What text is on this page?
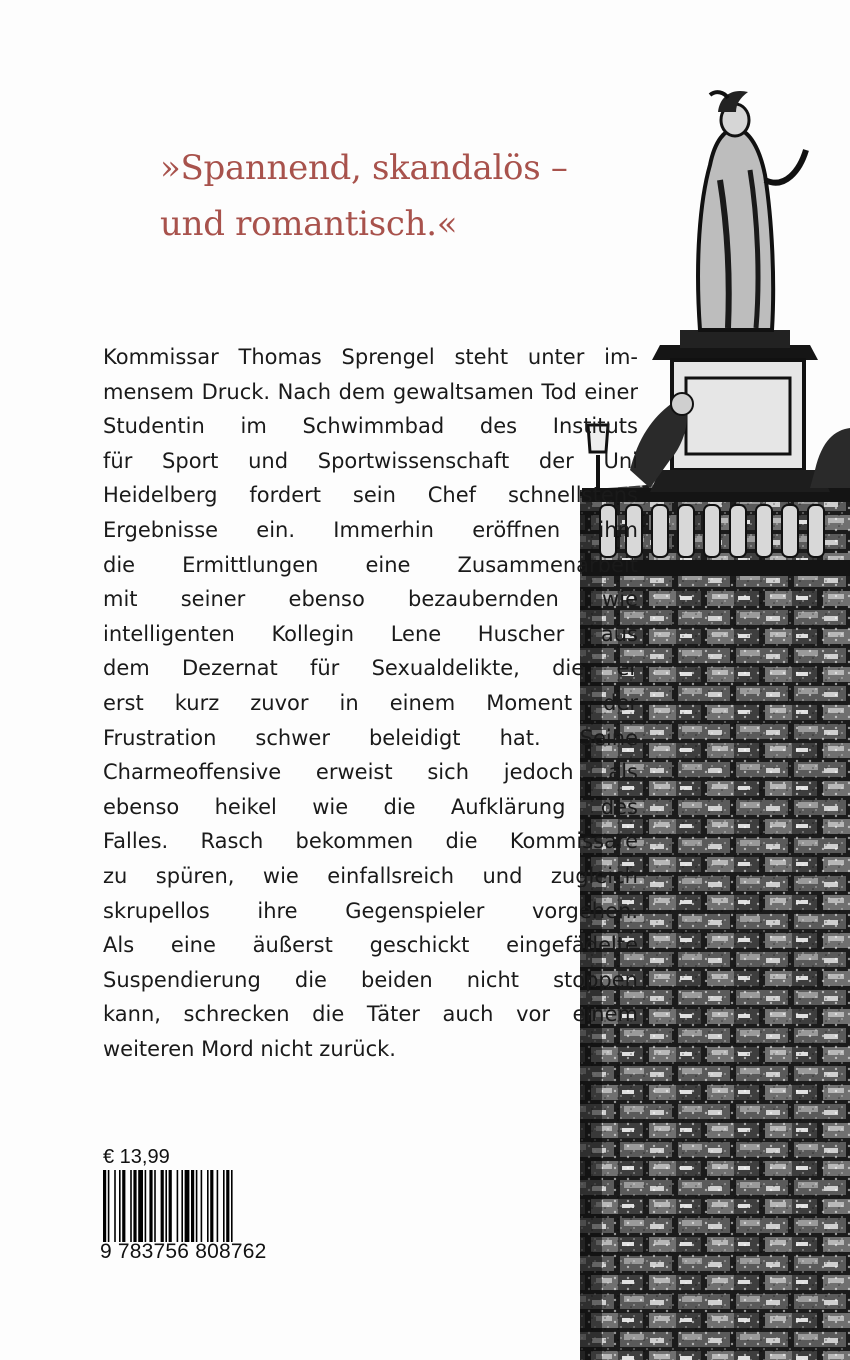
»Spannend, skandalös –
und romantisch.«
Kommissar Thomas Sprengel steht unter im-
mensem Druck. Nach dem gewaltsamen Tod einer
Studentin im Schwimmbad des Instituts
für Sport und Sportwissenschaft der Uni
Heidelberg fordert sein Chef schnellstens
Ergebnisse ein. Immerhin eröffnen ihm
die Ermittlungen eine Zusammenarbeit
mit seiner ebenso bezaubernden wie
intelligenten Kollegin Lene Huscher aus
dem Dezernat für Sexualdelikte, die er
erst kurz zuvor in einem Moment der
Frustration schwer beleidigt hat. Seine
Charmeoffensive erweist sich jedoch als
ebenso heikel wie die Aufklärung des
Falles. Rasch bekommen die Kommissare
zu spüren, wie einfallsreich und zugleich
skrupellos ihre Gegenspieler vorgehen.
Als eine äußerst geschickt eingefädelte
Suspendierung die beiden nicht stoppen
kann, schrecken die Täter auch vor einem
weiteren Mord nicht zurück.
€ 13,99
9 783756 808762
